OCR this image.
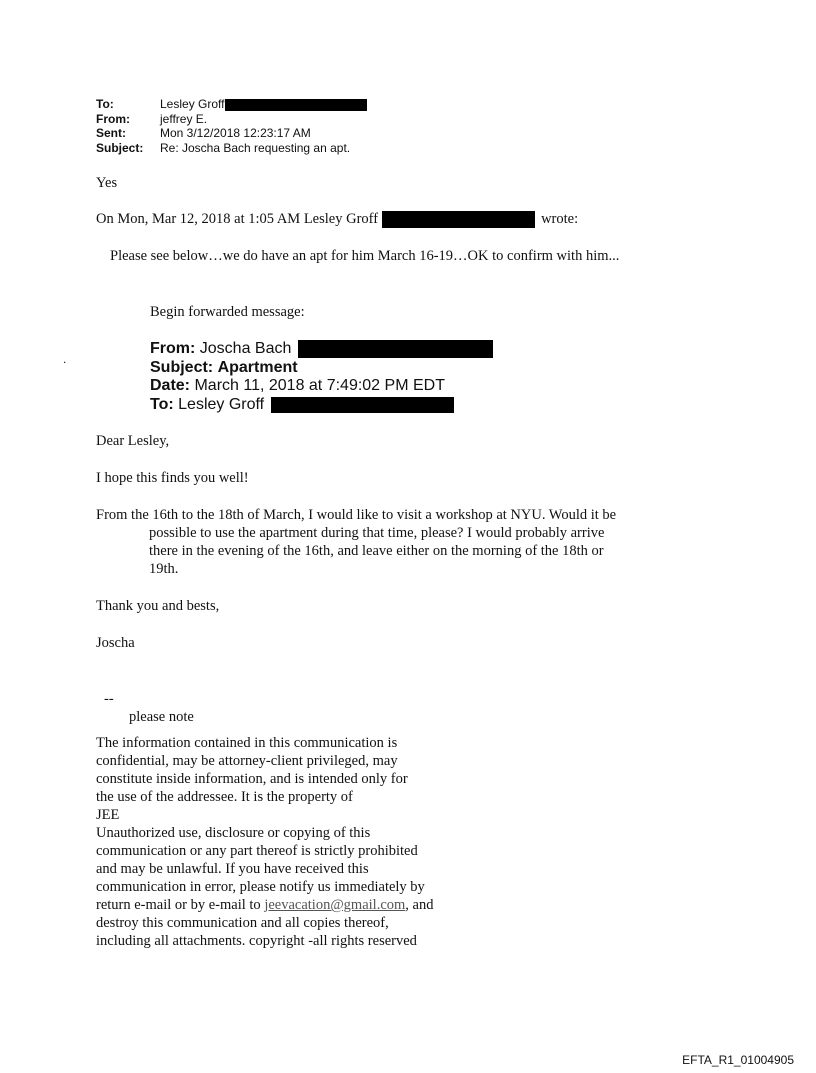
To:	Lesley Groff
From:	jeffrey E.
Sent:	Mon 3/12/2018 12:23:17 AM
Subject:	Re: Joscha Bach requesting an apt.
Yes
On Mon, Mar 12, 2018 at 1:05 AM Lesley Groff	wrote:
Please see below…we do have an apt for him March 16-19…OK to confirm with him...
Begin forwarded message:
.
From: Joscha Bach
Subject: Apartment
Date: March 11, 2018 at 7:49:02 PM EDT
To: Lesley Groff
Dear Lesley,
I hope this finds you well!
From the 16th to the 18th of March, I would like to visit a workshop at NYU. Would it be
possible to use the apartment during that time, please? I would probably arrive
there in the evening of the 16th, and leave either on the morning of the 18th or
19th.
Thank you and bests,
Joscha
--
please note
The information contained in this communication is
confidential, may be attorney-client privileged, may
constitute inside information, and is intended only for
the use of the addressee. It is the property of
JEE
Unauthorized use, disclosure or copying of this
communication or any part thereof is strictly prohibited
and may be unlawful. If you have received this
communication in error, please notify us immediately by
return e-mail or by e-mail to jeevacation@gmail.com, and
destroy this communication and all copies thereof,
including all attachments. copyright -all rights reserved
EFTA_R1_01004905
